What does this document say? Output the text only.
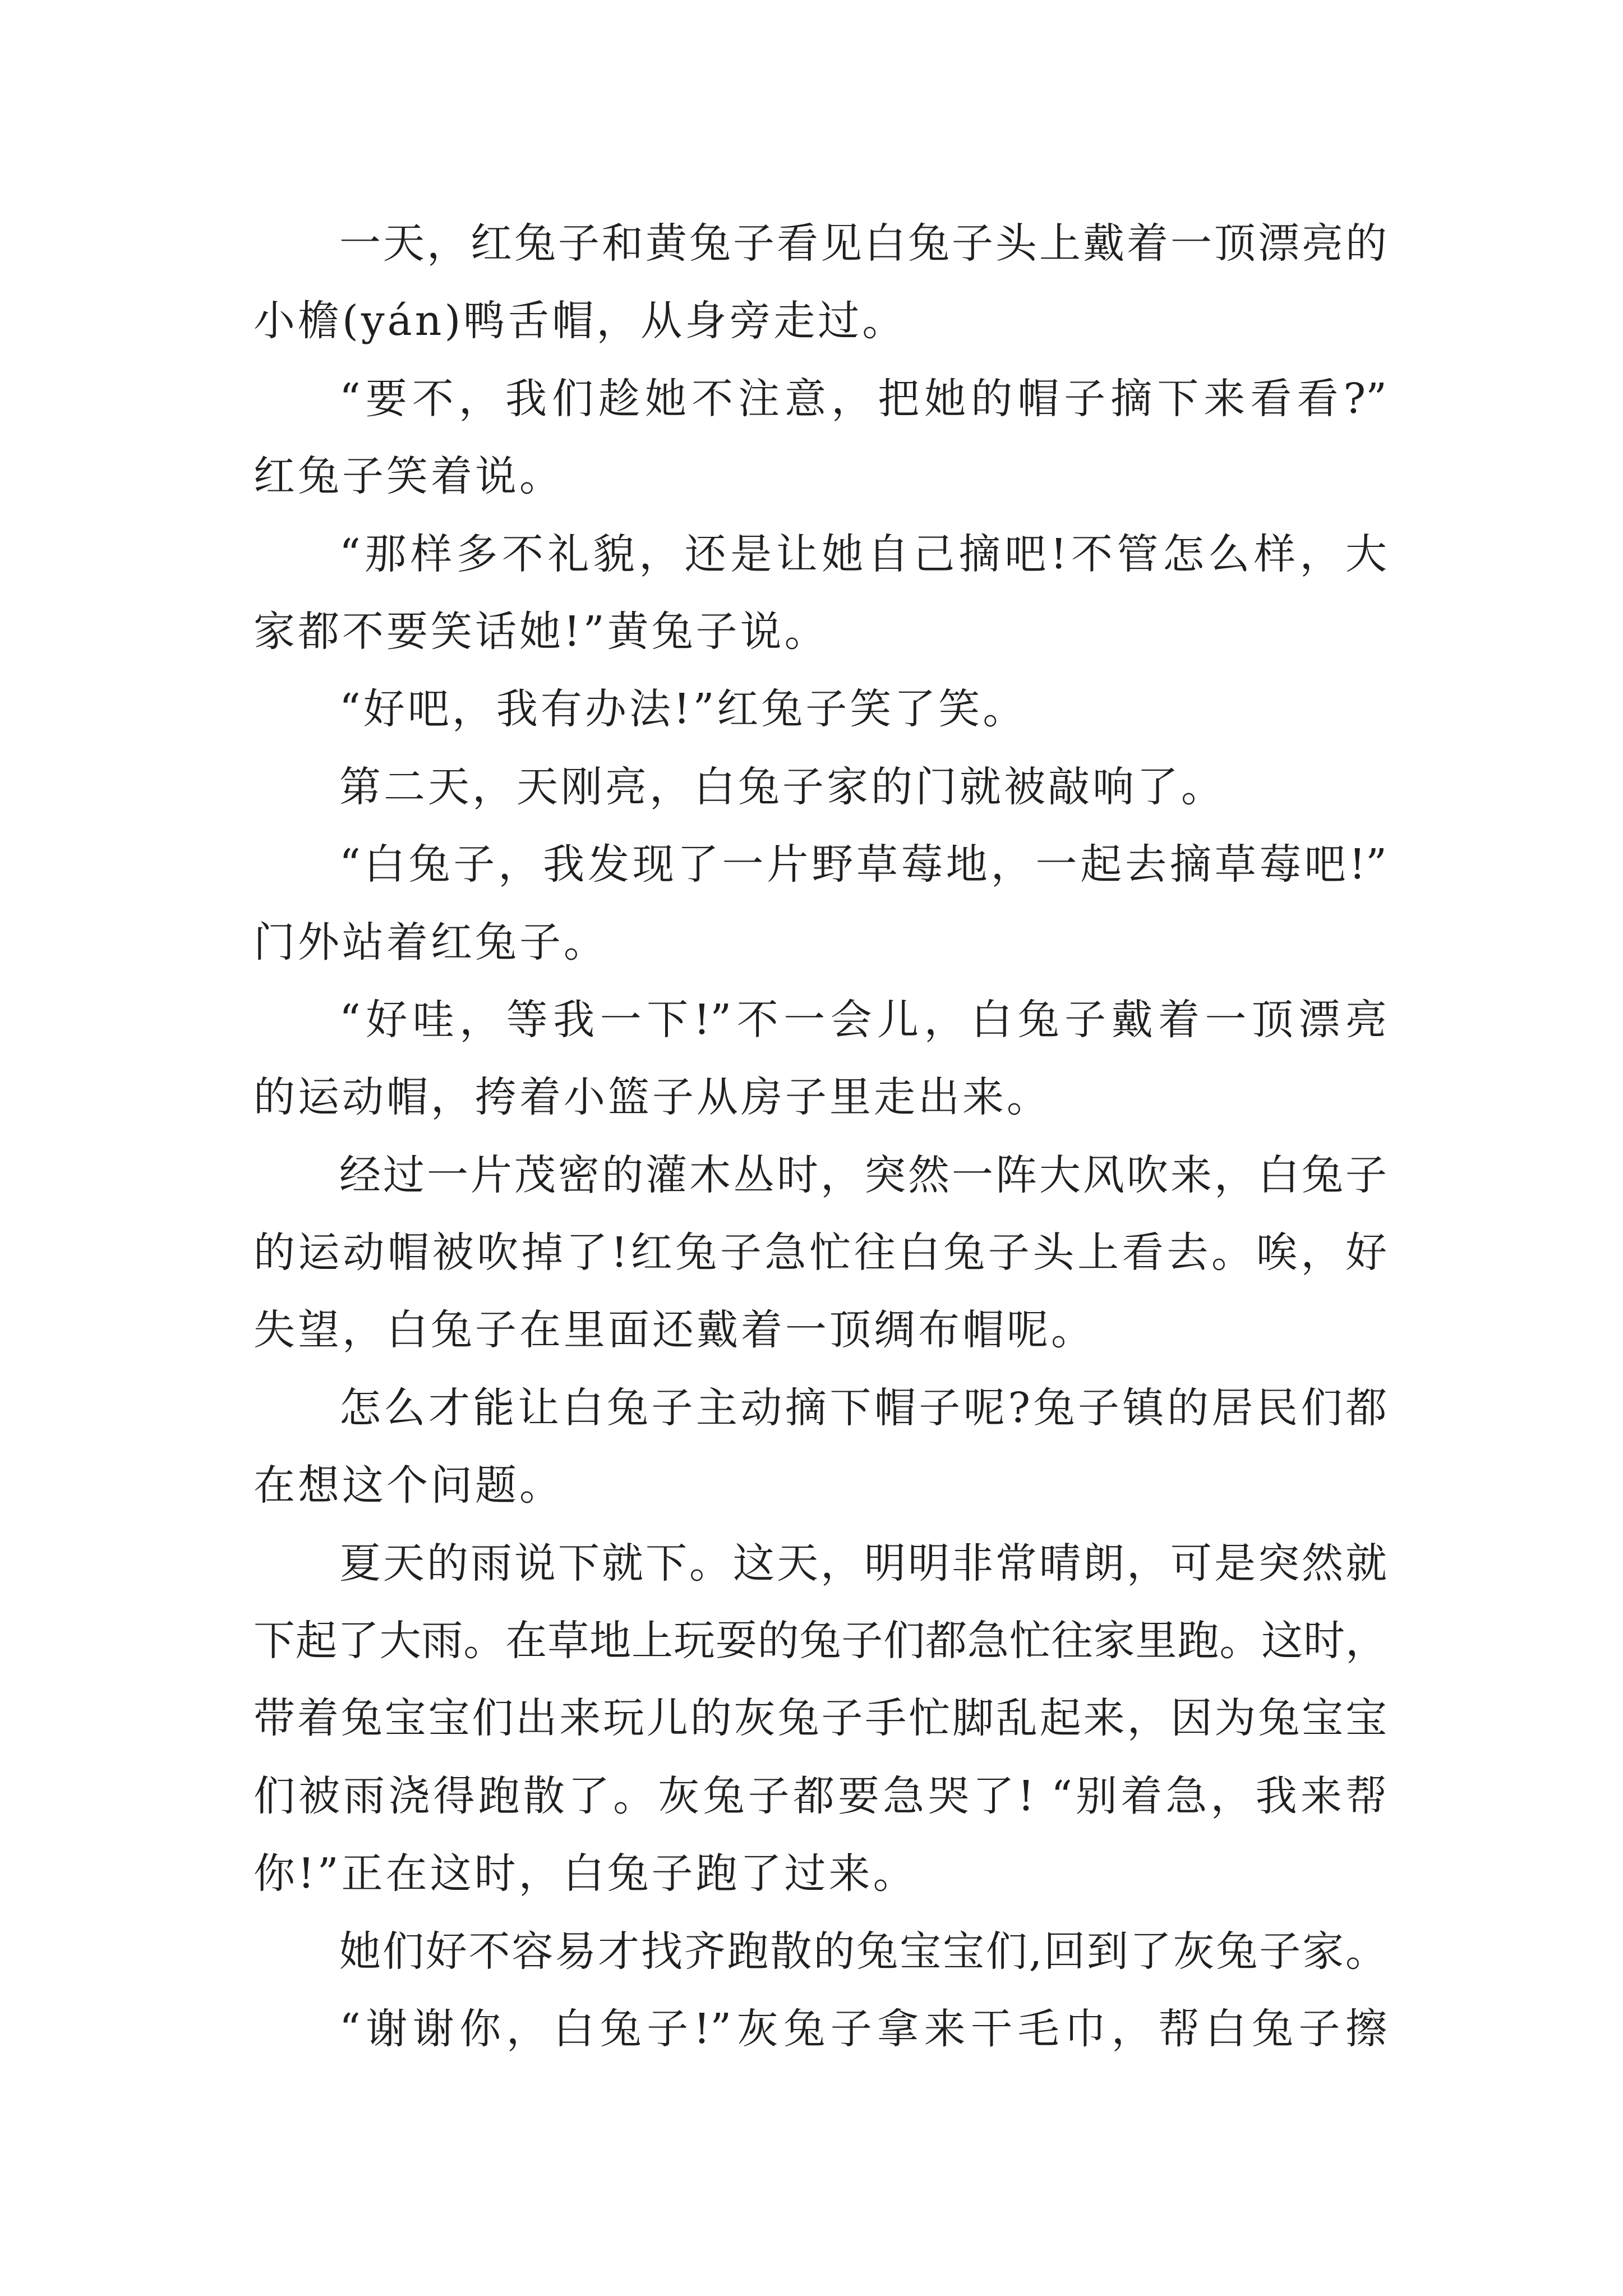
一天，红兔子和黄兔子看见白兔子头上戴着一顶漂亮的
小檐(yán)鸭舌帽，从身旁走过。
“要不，我们趁她不注意，把她的帽子摘下来看看?”
红兔子笑着说。
“那样多不礼貌，还是让她自己摘吧!不管怎么样，大
家都不要笑话她!”黄兔子说。
“好吧，我有办法!”红兔子笑了笑。
第二天，天刚亮，白兔子家的门就被敲响了。
“白兔子，我发现了一片野草莓地，一起去摘草莓吧!”
门外站着红兔子。
“好哇，等我一下!”不一会儿，白兔子戴着一顶漂亮
的运动帽，挎着小篮子从房子里走出来。
经过一片茂密的灌木丛时，突然一阵大风吹来，白兔子
的运动帽被吹掉了!红兔子急忙往白兔子头上看去。唉，好
失望，白兔子在里面还戴着一顶绸布帽呢。
怎么才能让白兔子主动摘下帽子呢?兔子镇的居民们都
在想这个问题。
夏天的雨说下就下。这天，明明非常晴朗，可是突然就
下起了大雨。在草地上玩耍的兔子们都急忙往家里跑。这时，
带着兔宝宝们出来玩儿的灰兔子手忙脚乱起来，因为兔宝宝
们被雨浇得跑散了。灰兔子都要急哭了! “别着急，我来帮
你!”正在这时，白兔子跑了过来。
她们好不容易才找齐跑散的兔宝宝们,回到了灰兔子家。
“谢谢你，白兔子!”灰兔子拿来干毛巾，帮白兔子擦
